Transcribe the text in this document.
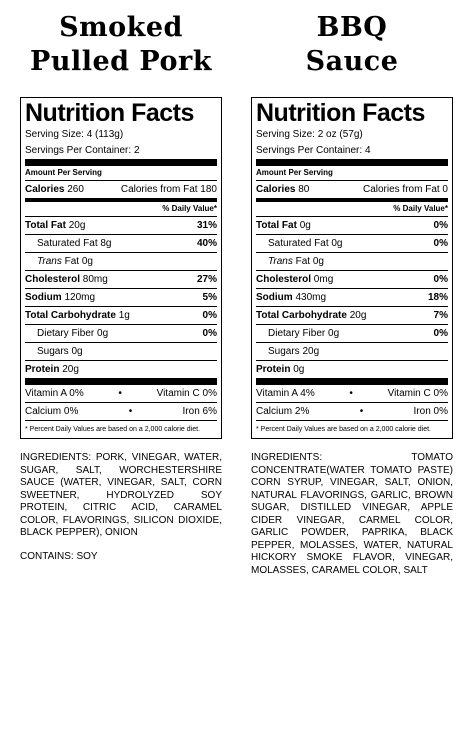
Smoked
Pulled Pork
Nutrition Facts
Serving Size: 4 (113g)
Servings Per Container: 2
Amount Per Serving
Calories 260	Calories from Fat 180
% Daily Value*
Total Fat 20g	31%
Saturated Fat 8g	40%
Trans Fat 0g
Cholesterol 80mg	27%
Sodium 120mg	5%
Total Carbohydrate 1g	0%
Dietary Fiber 0g	0%
Sugars 0g
Protein 20g
Vitamin A 0%	•	Vitamin C 0%
Calcium 0%	•	Iron 6%
* Percent Daily Values are based on a 2,000 calorie diet.
INGREDIENTS: PORK, VINEGAR, WATER, SUGAR, SALT, WORCHESTERSHIRE SAUCE (WATER, VINEGAR, SALT, CORN SWEETNER, HYDROLYZED SOY PROTEIN, CITRIC ACID, CARAMEL COLOR, FLAVORINGS, SILICON DIOXIDE, BLACK PEPPER), ONION
CONTAINS: SOY
BBQ
Sauce
Nutrition Facts
Serving Size: 2 oz (57g)
Servings Per Container: 4
Amount Per Serving
Calories 80	Calories from Fat 0
% Daily Value*
Total Fat 0g	0%
Saturated Fat 0g	0%
Trans Fat 0g
Cholesterol 0mg	0%
Sodium 430mg	18%
Total Carbohydrate 20g	7%
Dietary Fiber 0g	0%
Sugars 20g
Protein 0g
Vitamin A 4%	•	Vitamin C 0%
Calcium 2%	•	Iron 0%
* Percent Daily Values are based on a 2,000 calorie diet.
INGREDIENTS: TOMATO CONCENTRATE(WATER TOMATO PASTE) CORN SYRUP, VINEGAR, SALT, ONION, NATURAL FLAVORINGS, GARLIC, BROWN SUGAR, DISTILLED VINEGAR, APPLE CIDER VINEGAR, CARMEL COLOR, GARLIC POWDER, PAPRIKA, BLACK PEPPER, MOLASSES, WATER, NATURAL HICKORY SMOKE FLAVOR, VINEGAR, MOLASSES, CARAMEL COLOR, SALT
